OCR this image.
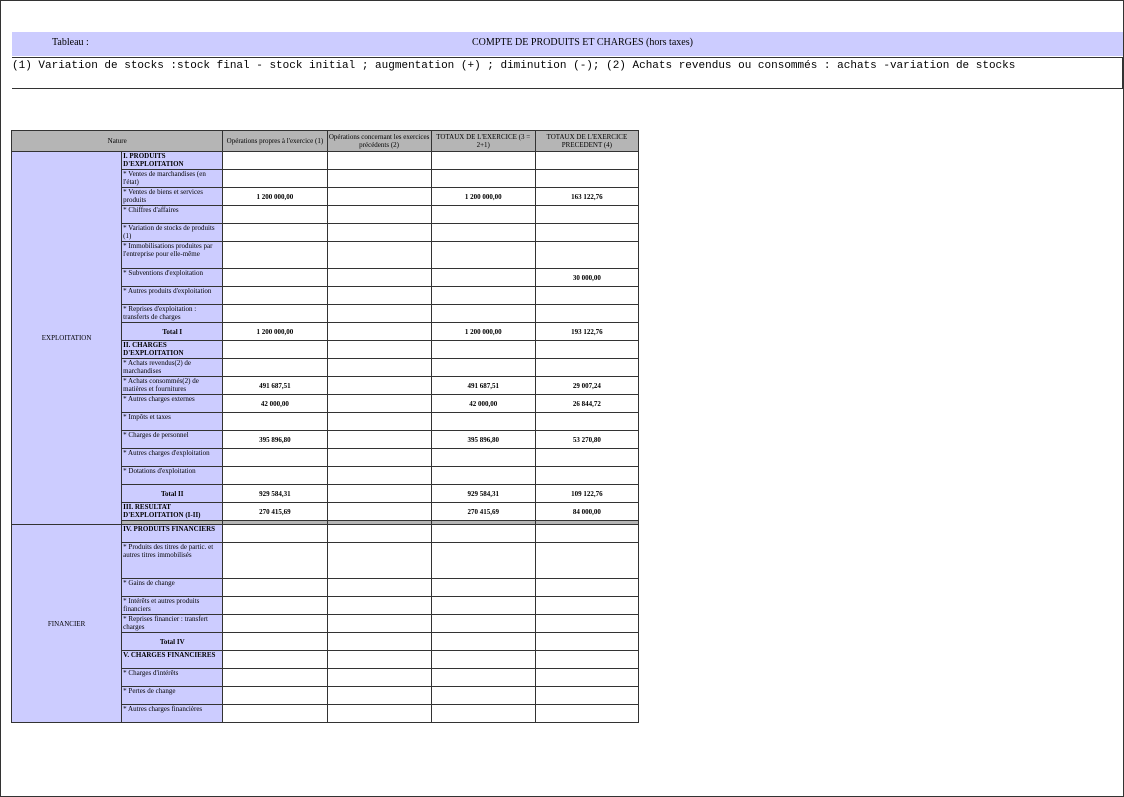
Tableau :	COMPTE DE PRODUITS ET CHARGES (hors taxes)
(1) Variation de stocks :stock final - stock initial ; augmentation (+) ; diminution (-); (2) Achats revendus ou consommés : achats -variation de stocks
Nature		Opérations propres à l'exercice (1)	Opérations concernant les exercices précédents (2)	TOTAUX DE L'EXERCICE (3 = 2+1)	TOTAUX DE L'EXERCICE PRECEDENT (4)
EXPLOITATION	I. PRODUITS D'EXPLOITATION				
	* Ventes de marchandises (en l'état)				
	* Ventes de biens et services produits	1 200 000,00		1 200 000,00	163 122,76
	* Chiffres d'affaires				
	* Variation de stocks de produits (1)				
	* Immobilisations produites par l'entreprise pour elle-même				
	* Subventions d'exploitation				30 000,00
	* Autres produits d'exploitation				
	* Reprises d'exploitation : transferts de charges				
	Total I	1 200 000,00		1 200 000,00	193 122,76
	II. CHARGES D'EXPLOITATION				
	* Achats revendus(2) de marchandises				
	* Achats consommés(2) de matières et fournitures	491 687,51		491 687,51	29 007,24
	* Autres charges externes	42 000,00		42 000,00	26 844,72
	* Impôts et taxes				
	* Charges de personnel	395 896,80		395 896,80	53 270,80
	* Autres charges d'exploitation				
	* Dotations d'exploitation				
	Total II	929 584,31		929 584,31	109 122,76
	III. RESULTAT D'EXPLOITATION (I-II)	270 415,69		270 415,69	84 000,00

FINANCIER	IV. PRODUITS FINANCIERS				
	* Produits des titres de partic. et autres titres immobilisés				
	* Gains de change				
	* Intérêts et autres produits financiers				
	* Reprises financier : transfert charges				
	Total IV				
	V. CHARGES FINANCIERES				
	* Charges d'intérêts				
	* Pertes de change				
	* Autres charges financières				
